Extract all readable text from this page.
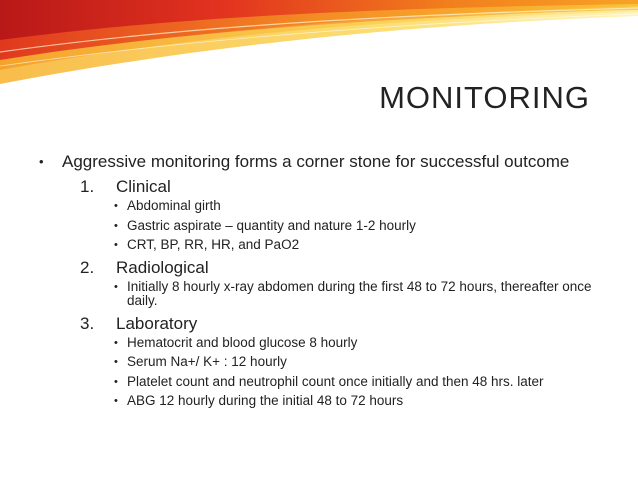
MONITORING
• Aggressive monitoring forms a corner stone for successful outcome
1. Clinical
• Abdominal girth
• Gastric aspirate – quantity and nature 1-2 hourly
• CRT, BP, RR, HR, and PaO2
2. Radiological
• Initially 8 hourly x-ray abdomen during the first 48 to 72 hours, thereafter once daily.
3. Laboratory
• Hematocrit and blood glucose 8 hourly
• Serum Na+/ K+ : 12 hourly
• Platelet count and neutrophil count once initially and then 48 hrs. later
• ABG 12 hourly during the initial 48 to 72 hours
